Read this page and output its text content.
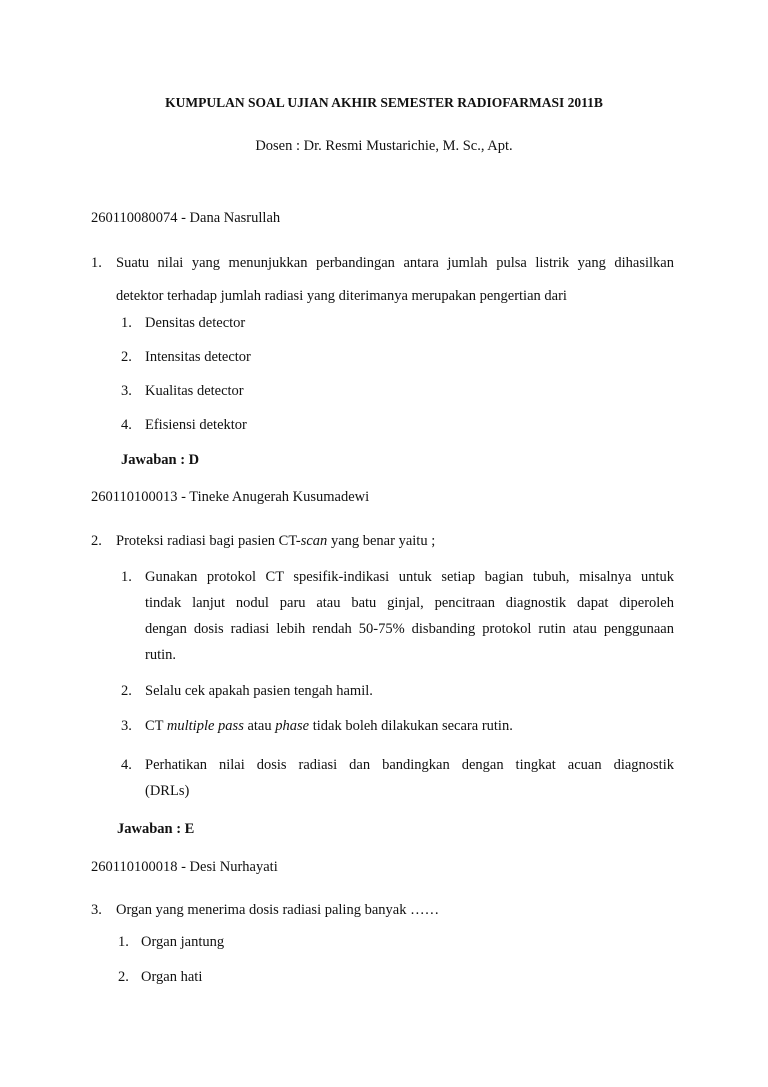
KUMPULAN SOAL UJIAN AKHIR SEMESTER RADIOFARMASI 2011B
Dosen : Dr. Resmi Mustarichie, M. Sc., Apt.
260110080074 - Dana Nasrullah
1. Suatu nilai yang menunjukkan perbandingan antara jumlah pulsa listrik yang dihasilkan
detektor terhadap jumlah radiasi yang diterimanya merupakan pengertian dari
1. Densitas detector
2. Intensitas detector
3. Kualitas detector
4. Efisiensi detektor
Jawaban : D
260110100013 - Tineke Anugerah Kusumadewi
2. Proteksi radiasi bagi pasien CT-scan yang benar yaitu ;
1. Gunakan protokol CT spesifik-indikasi untuk setiap bagian tubuh, misalnya untuk
tindak lanjut nodul paru atau batu ginjal, pencitraan diagnostik dapat diperoleh
dengan dosis radiasi lebih rendah 50-75% disbanding protokol rutin atau penggunaan
rutin.
2. Selalu cek apakah pasien tengah hamil.
3. CT multiple pass atau phase tidak boleh dilakukan secara rutin.
4. Perhatikan nilai dosis radiasi dan bandingkan dengan tingkat acuan diagnostik
(DRLs)
Jawaban : E
260110100018 - Desi Nurhayati
3. Organ yang menerima dosis radiasi paling banyak ……
1. Organ jantung
2. Organ hati
